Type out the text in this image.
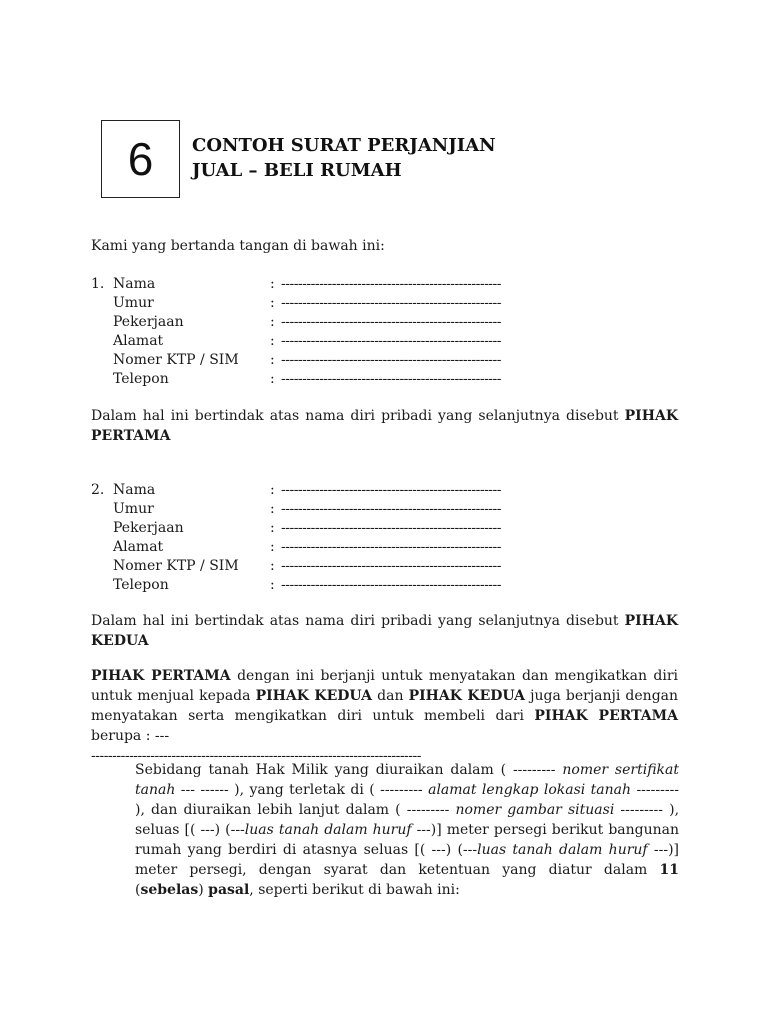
6 CONTOH SURAT PERJANJIAN
JUAL – BELI RUMAH
Kami yang bertanda tangan di bawah ini:
1. Nama	: ----------------------------------------------------
Umur	: ----------------------------------------------------
Pekerjaan	: ----------------------------------------------------
Alamat	: ----------------------------------------------------
Nomer KTP / SIM : ----------------------------------------------------
Telepon	: ----------------------------------------------------
Dalam hal ini bertindak atas nama diri pribadi yang selanjutnya disebut PIHAK
PERTAMA
2. Nama	: ----------------------------------------------------
Umur	: ----------------------------------------------------
Pekerjaan	: ----------------------------------------------------
Alamat	: ----------------------------------------------------
Nomer KTP / SIM : ----------------------------------------------------
Telepon	: ----------------------------------------------------
Dalam hal ini bertindak atas nama diri pribadi yang selanjutnya disebut PIHAK
KEDUA
PIHAK PERTAMA dengan ini berjanji untuk menyatakan dan mengikatkan diri untuk menjual kepada PIHAK KEDUA dan PIHAK KEDUA juga berjanji dengan menyatakan serta mengikatkan diri untuk membeli dari PIHAK PERTAMA berupa : ---
------------------------------------------------------------------------------
Sebidang tanah Hak Milik yang diuraikan dalam ( --------- nomer sertifikat tanah --- ------ ), yang terletak di ( --------- alamat lengkap lokasi tanah --------- ), dan diuraikan lebih lanjut dalam ( --------- nomer gambar situasi --------- ), seluas [( ---) (---luas tanah dalam huruf ---)] meter persegi berikut bangunan rumah yang berdiri di atasnya seluas [( ---) (---luas tanah dalam huruf ---)] meter persegi, dengan syarat dan ketentuan yang diatur dalam 11 (sebelas) pasal, seperti berikut di bawah ini:
